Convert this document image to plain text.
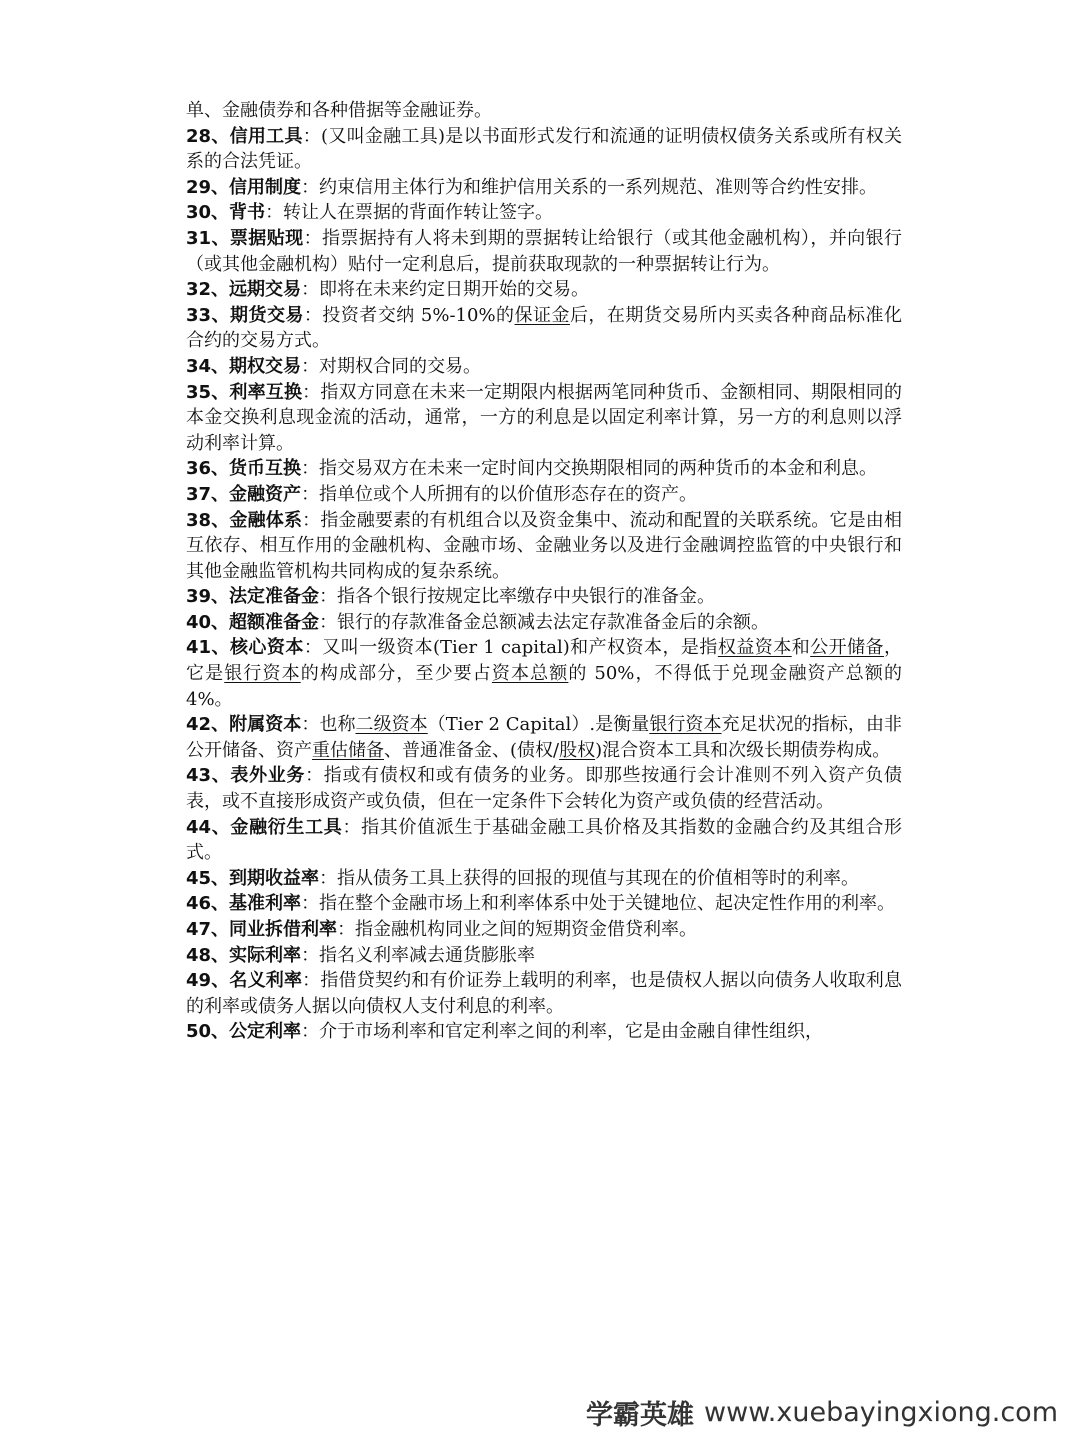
单、金融债券和各种借据等金融证券。

28、信用工具：(又叫金融工具)是以书面形式发行和流通的证明债权债务关系或所有权关系的合法凭证。

29、信用制度：约束信用主体行为和维护信用关系的一系列规范、准则等合约性安排。

30、背书：转让人在票据的背面作转让签字。

31、票据贴现：指票据持有人将未到期的票据转让给银行（或其他金融机构），并向银行（或其他金融机构）贴付一定利息后，提前获取现款的一种票据转让行为。

32、远期交易：即将在未来约定日期开始的交易。

33、期货交易：投资者交纳 5%-10%的保证金后，在期货交易所内买卖各种商品标准化合约的交易方式。

34、期权交易：对期权合同的交易。

35、利率互换：指双方同意在未来一定期限内根据两笔同种货币、金额相同、期限相同的本金交换利息现金流的活动，通常，一方的利息是以固定利率计算，另一方的利息则以浮动利率计算。

36、货币互换：指交易双方在未来一定时间内交换期限相同的两种货币的本金和利息。

37、金融资产：指单位或个人所拥有的以价值形态存在的资产。

38、金融体系：指金融要素的有机组合以及资金集中、流动和配置的关联系统。它是由相互依存、相互作用的金融机构、金融市场、金融业务以及进行金融调控监管的中央银行和其他金融监管机构共同构成的复杂系统。

39、法定准备金：指各个银行按规定比率缴存中央银行的准备金。

40、超额准备金：银行的存款准备金总额减去法定存款准备金后的余额。

41、核心资本：又叫一级资本(Tier 1 capital)和产权资本，是指权益资本和公开储备，它是银行资本的构成部分，至少要占资本总额的 50%，不得低于兑现金融资产总额的 4%。

42、附属资本：也称二级资本（Tier 2 Capital）.是衡量银行资本充足状况的指标，由非公开储备、资产重估储备、普通准备金、(债权/股权)混合资本工具和次级长期债券构成。

43、表外业务：指或有债权和或有债务的业务。即那些按通行会计准则不列入资产负债表，或不直接形成资产或负债，但在一定条件下会转化为资产或负债的经营活动。

44、金融衍生工具：指其价值派生于基础金融工具价格及其指数的金融合约及其组合形式。

45、到期收益率：指从债务工具上获得的回报的现值与其现在的价值相等时的利率。

46、基准利率：指在整个金融市场上和利率体系中处于关键地位、起决定性作用的利率。

47、同业拆借利率：指金融机构同业之间的短期资金借贷利率。

48、实际利率：指名义利率减去通货膨胀率

49、名义利率：指借贷契约和有价证券上载明的利率，也是债权人据以向债务人收取利息的利率或债务人据以向债权人支付利息的利率。

50、公定利率：介于市场利率和官定利率之间的利率，它是由金融自律性组织，

学霸英雄 www.xuebayingxiong.com
